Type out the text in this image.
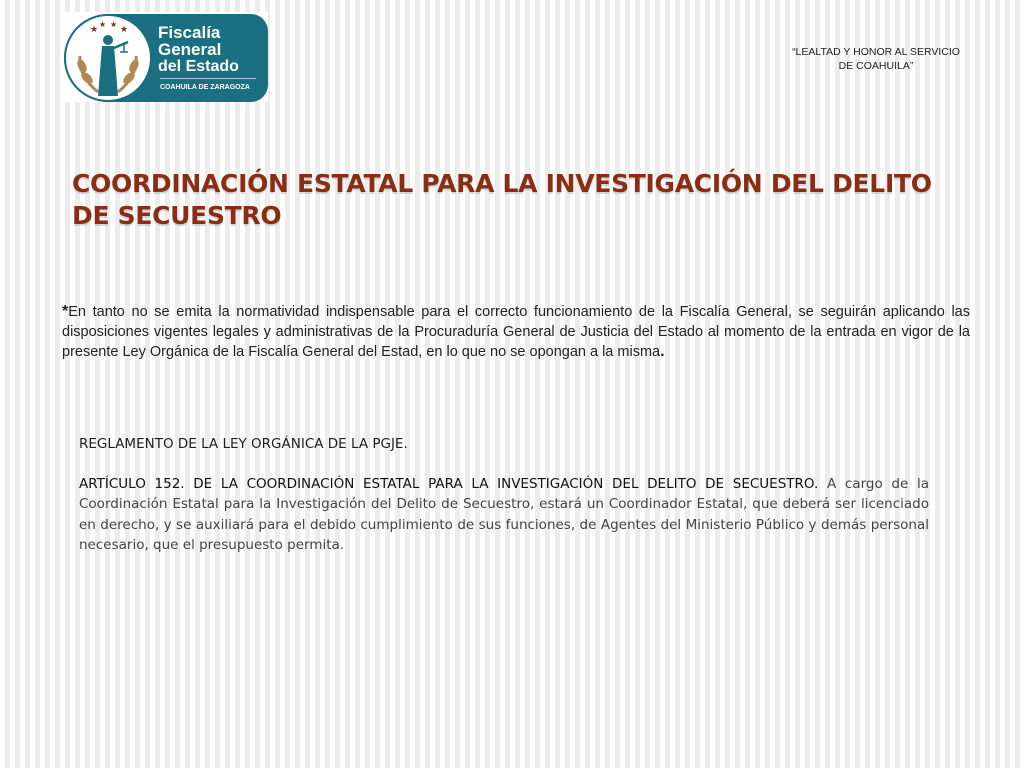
★
★ ★
★ Fiscalía
General
del Estado
COAHUILA DE ZARAGOZA
“LEALTAD Y HONOR AL SERVICIO
DE COAHUILA”
COORDINACIÓN ESTATAL PARA LA INVESTIGACIÓN DEL DELITO
DE SECUESTRO
*En tanto no se emita la normatividad indispensable para el correcto funcionamiento de la Fiscalía General, se seguirán aplicando las disposiciones vigentes legales y administrativas de la Procuraduría General de Justicia del Estado al momento de la entrada en vigor de la presente Ley Orgánica de la Fiscalía General del Estad, en lo que no se opongan a la misma.
REGLAMENTO DE LA LEY ORGÁNICA DE LA PGJE.
ARTÍCULO 152. DE LA COORDINACIÓN ESTATAL PARA LA INVESTIGACIÓN DEL DELITO DE SECUESTRO. A cargo de la Coordinación Estatal para la Investigación del Delito de Secuestro, estará un Coordinador Estatal, que deberá ser licenciado en derecho, y se auxiliará para el debido cumplimiento de sus funciones, de Agentes del Ministerio Público y demás personal necesario, que el presupuesto permita.
